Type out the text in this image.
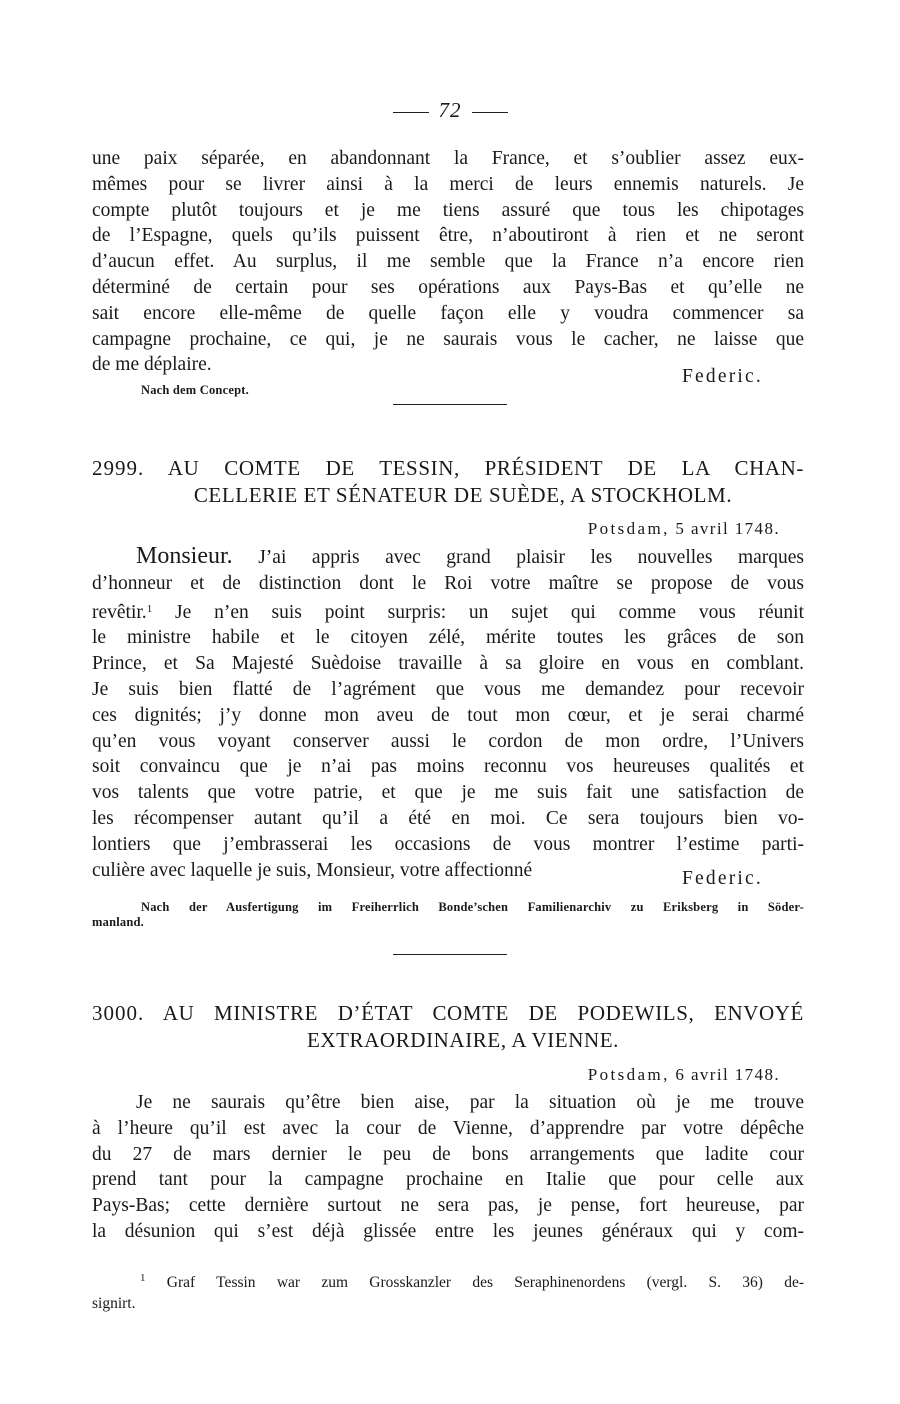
72

une paix séparée, en abandonnant la France, et s’oublier assez eux-
mêmes pour se livrer ainsi à la merci de leurs ennemis naturels. Je
compte plutôt toujours et je me tiens assuré que tous les chipotages
de l’Espagne, quels qu’ils puissent être, n’aboutiront à rien et ne seront
d’aucun effet. Au surplus, il me semble que la France n’a encore rien
déterminé de certain pour ses opérations aux Pays-Bas et qu’elle ne
sait encore elle-même de quelle façon elle y voudra commencer sa
campagne prochaine, ce qui, je ne saurais vous le cacher, ne laisse que
de me déplaire.

Federic.
Nach dem Concept.
2999. AU COMTE DE TESSIN, PRÉSIDENT DE LA CHAN-
CELLERIE ET SÉNATEUR DE SUÈDE, A STOCKHOLM.
Potsdam, 5 avril 1748.

Monsieur. J’ai appris avec grand plaisir les nouvelles marques
d’honneur et de distinction dont le Roi votre maître se propose de vous
revêtir.$^1$ Je n’en suis point surpris: un sujet qui comme vous réunit
le ministre habile et le citoyen zélé, mérite toutes les grâces de son
Prince, et Sa Majesté Suèdoise travaille à sa gloire en vous en comblant.
Je suis bien flatté de l’agrément que vous me demandez pour recevoir
ces dignités; j’y donne mon aveu de tout mon cœur, et je serai charmé
qu’en vous voyant conserver aussi le cordon de mon ordre, l’Univers
soit convaincu que je n’ai pas moins reconnu vos heureuses qualités et
vos talents que votre patrie, et que je me suis fait une satisfaction de
les récompenser autant qu’il a été en moi. Ce sera toujours bien vo-
lontiers que j’embrasserai les occasions de vous montrer l’estime parti-
culière avec laquelle je suis, Monsieur, votre affectionné	Federic.
Nach der Ausfertigung im Freiherrlich Bonde’schen Familienarchiv zu Eriksberg in Söder-
manland.
3000. AU MINISTRE D’ÉTAT COMTE DE PODEWILS, ENVOYÉ
EXTRAORDINAIRE, A VIENNE.
Potsdam, 6 avril 1748.

Je ne saurais qu’être bien aise, par la situation où je me trouve
à l’heure qu’il est avec la cour de Vienne, d’apprendre par votre dépêche
du 27 de mars dernier le peu de bons arrangements que ladite cour
prend tant pour la campagne prochaine en Italie que pour celle aux
Pays-Bas; cette dernière surtout ne sera pas, je pense, fort heureuse, par
la désunion qui s’est déjà glissée entre les jeunes généraux qui y com-

$^1$ Graf Tessin war zum Grosskanzler des Seraphinenordens (vergl. S. 36) de-
signirt.
